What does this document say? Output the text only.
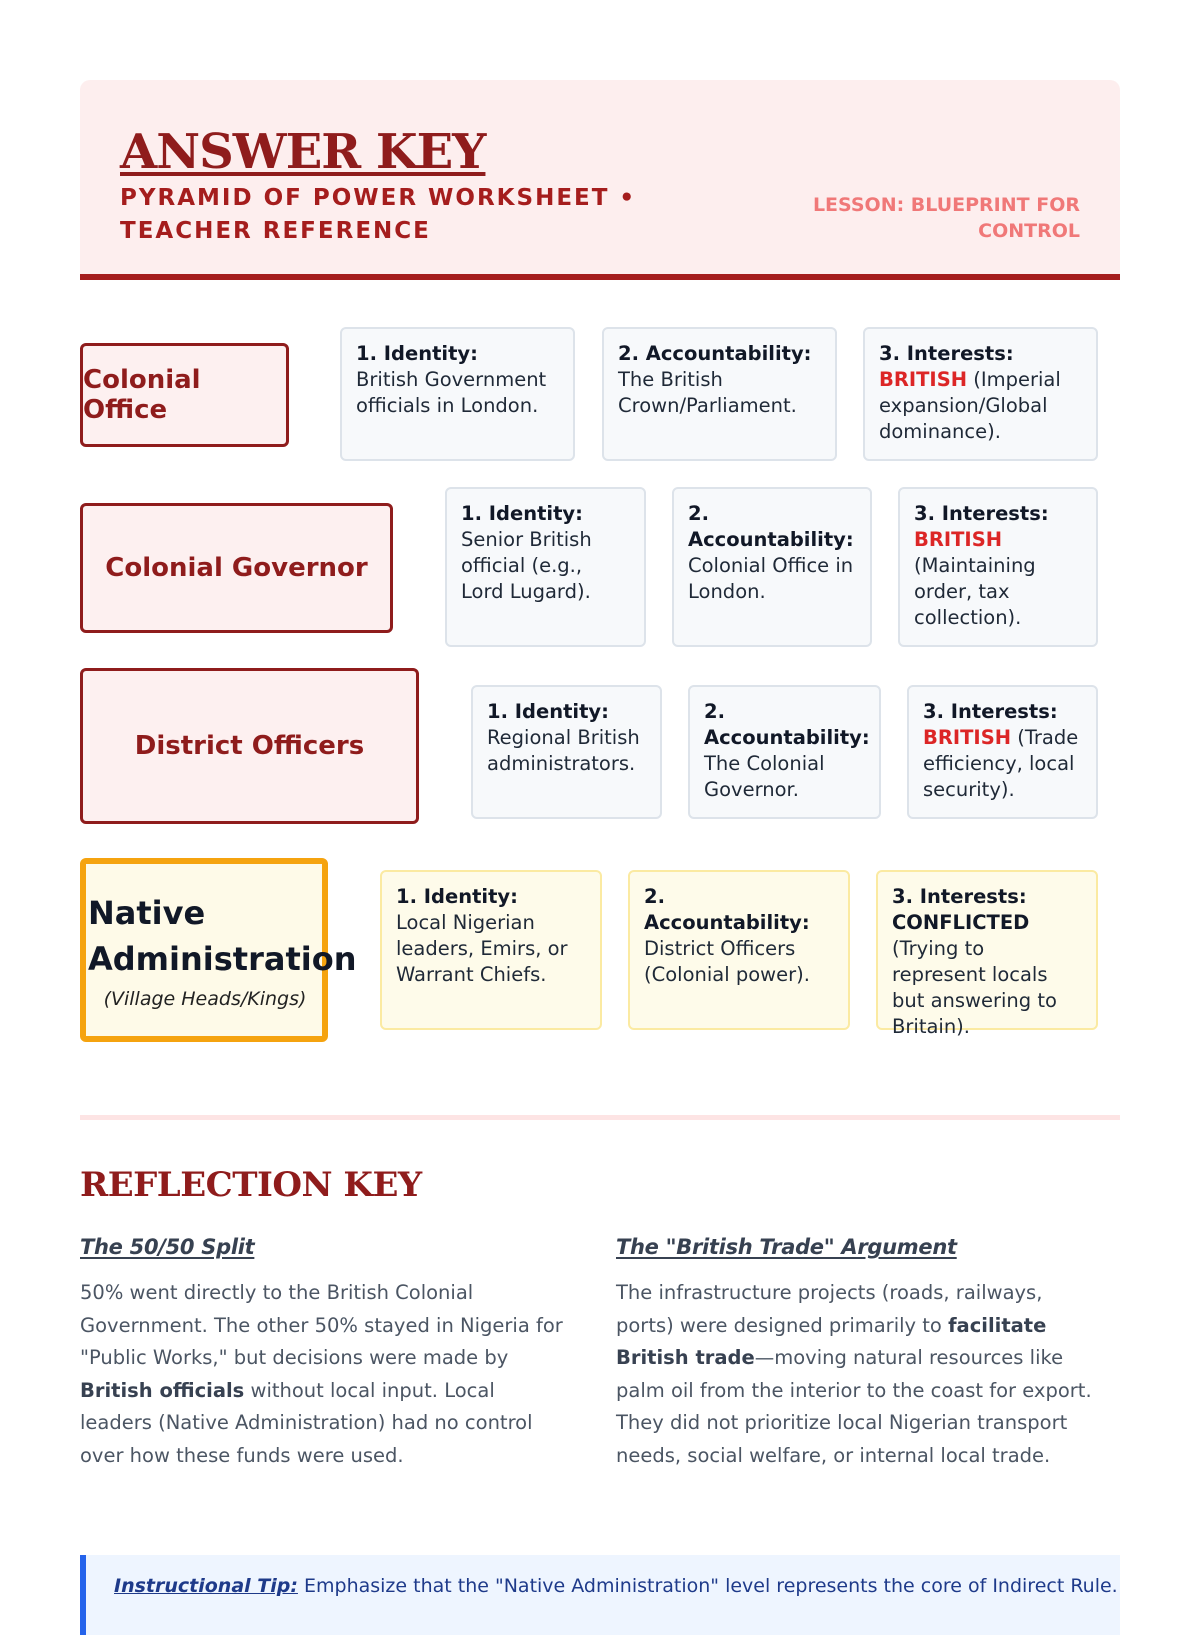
ANSWER KEY
PYRAMID OF POWER WORKSHEET • TEACHER REFERENCE
LESSON: BLUEPRINT FOR CONTROL
Colonial Office
1. Identity:
British Government officials in London.
2. Accountability:
The British Crown/Parliament.
3. Interests:
BRITISH (Imperial expansion/Global dominance).
Colonial Governor
1. Identity:
Senior British official (e.g., Lord Lugard).
2. Accountability:
Colonial Office in London.
3. Interests:
BRITISH (Maintaining order, tax collection).
District Officers
1. Identity:
Regional British administrators.
2. Accountability:
The Colonial Governor.
3. Interests:
BRITISH (Trade efficiency, local security).
Native Administration
(Village Heads/Kings)
1. Identity:
Local Nigerian leaders, Emirs, or Warrant Chiefs.
2. Accountability:
District Officers (Colonial power).
3. Interests:
CONFLICTED (Trying to represent locals but answering to Britain).
REFLECTION KEY
The 50/50 Split
50% went directly to the British Colonial Government. The other 50% stayed in Nigeria for "Public Works," but decisions were made by British officials without local input. Local leaders (Native Administration) had no control over how these funds were used.
The "British Trade" Argument
The infrastructure projects (roads, railways, ports) were designed primarily to facilitate British trade—moving natural resources like palm oil from the interior to the coast for export. They did not prioritize local Nigerian transport needs, social welfare, or internal local trade.
Instructional Tip: Emphasize that the "Native Administration" level represents the core of Indirect Rule.
